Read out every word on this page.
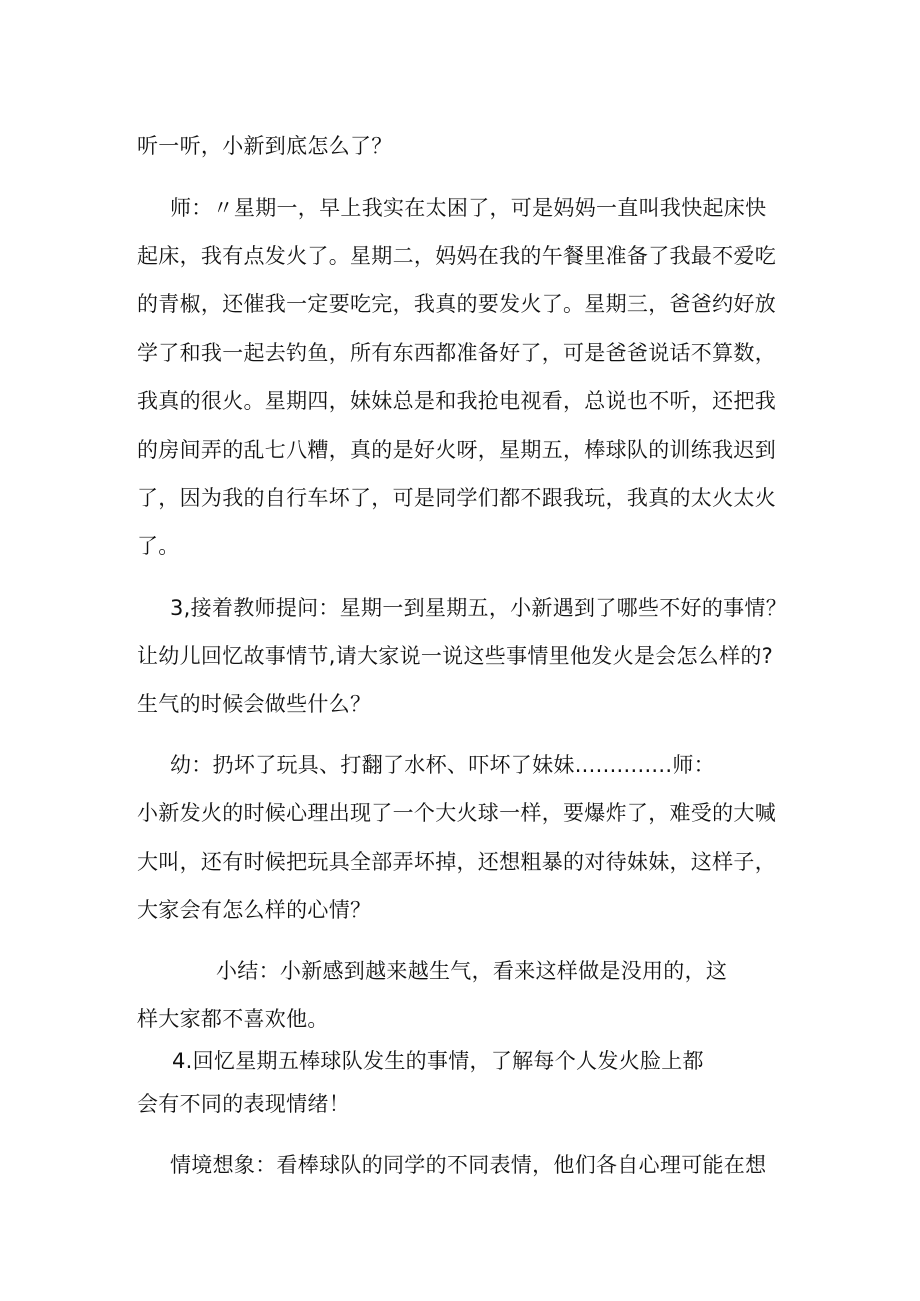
听一听，小新到底怎么了？
师：〃星期一，早上我实在太困了，可是妈妈一直叫我快起床快
起床，我有点发火了。星期二，妈妈在我的午餐里准备了我最不爱吃
的青椒，还催我一定要吃完，我真的要发火了。星期三，爸爸约好放
学了和我一起去钓鱼，所有东西都准备好了，可是爸爸说话不算数，
我真的很火。星期四，妹妹总是和我抢电视看，总说也不听，还把我
的房间弄的乱七八糟，真的是好火呀，星期五，棒球队的训练我迟到
了，因为我的自行车坏了，可是同学们都不跟我玩，我真的太火太火
了。
3,接着教师提问：星期一到星期五，小新遇到了哪些不好的事情？
让幼儿回忆故事情节,请大家说一说这些事情里他发火是会怎么样的?
生气的时候会做些什么？
幼：扔坏了玩具、打翻了水杯、吓坏了妹妹..............师：
小新发火的时候心理出现了一个大火球一样，要爆炸了，难受的大喊
大叫，还有时候把玩具全部弄坏掉，还想粗暴的对待妹妹，这样子，
大家会有怎么样的心情？
小结：小新感到越来越生气，看来这样做是没用的，这
样大家都不喜欢他。
4.回忆星期五棒球队发生的事情，了解每个人发火脸上都
会有不同的表现情绪！
情境想象：看棒球队的同学的不同表情，他们各自心理可能在想
